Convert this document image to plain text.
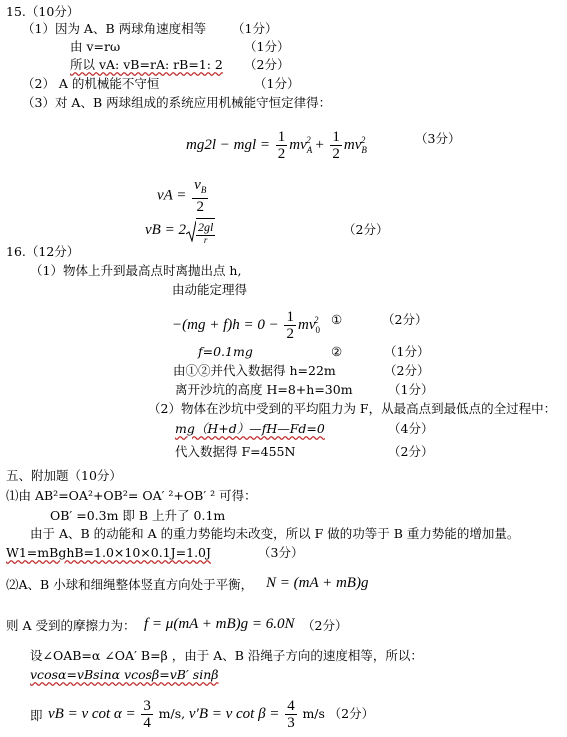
15.（10分）
（1）因为 A、B 两球角速度相等 （1分）
由 v=rω	（1分）
所以 vA: vB=rA: rB=1: 2 （2分）
（2） A 的机械能不守恒	（1分）
（3）对 A、B 两球组成的系统应用机械能守恒定律得：
mg2l − mgl = $\frac{1}{2} mv_A^2 + \frac{1}{2} mv_B^2$	（3分）
vA = $\frac{v_B}{2}$
vB = $2 \frac{2gl}{r}$	（2分）
16.（12分）
（1）物体上升到最高点时离抛出点 h,
由动能定理得
$-(mg + f)h = 0 - \frac{1}{2} mv_0^2$ ①	（2分）
f=0.1mg	②	（1分）
由①②并代入数据得 h=22m	（2分）
离开沙坑的高度 H=8+h=30m	（1分）
（2）物体在沙坑中受到的平均阻力为 F，从最高点到最低点的全过程中：
mg（H+d）—fH—Fd=0	（4分）
代入数据得 F=455N	（2分）
五、附加题（10分）
⑴由 AB²=OA²+OB²= OA′ ²+OB′ ² 可得：
OB′ =0.3m 即 B 上升了 0.1m
由于 A、B 的动能和 A 的重力势能均未改变，所以 F 做的功等于 B 重力势能的增加量。
W1=mBghB=1.0×10×0.1J=1.0J	（3分）
⑵A、B 小球和细绳整体竖直方向处于平衡， N = (mA + mB)g
则 A 受到的摩擦力为： f = μ(mA + mB)g = 6.0N （2分）
设∠OAB=α ∠OA′ B=β ，由于 A、B 沿绳子方向的速度相等，所以：
vcosα=vBsinα vcosβ=vB′ sinβ
即 vB = v $\cot \alpha = \frac{3}{4} m/s$, v′B = v $\cot \beta = \frac{4}{3} m/s$ （2分）
